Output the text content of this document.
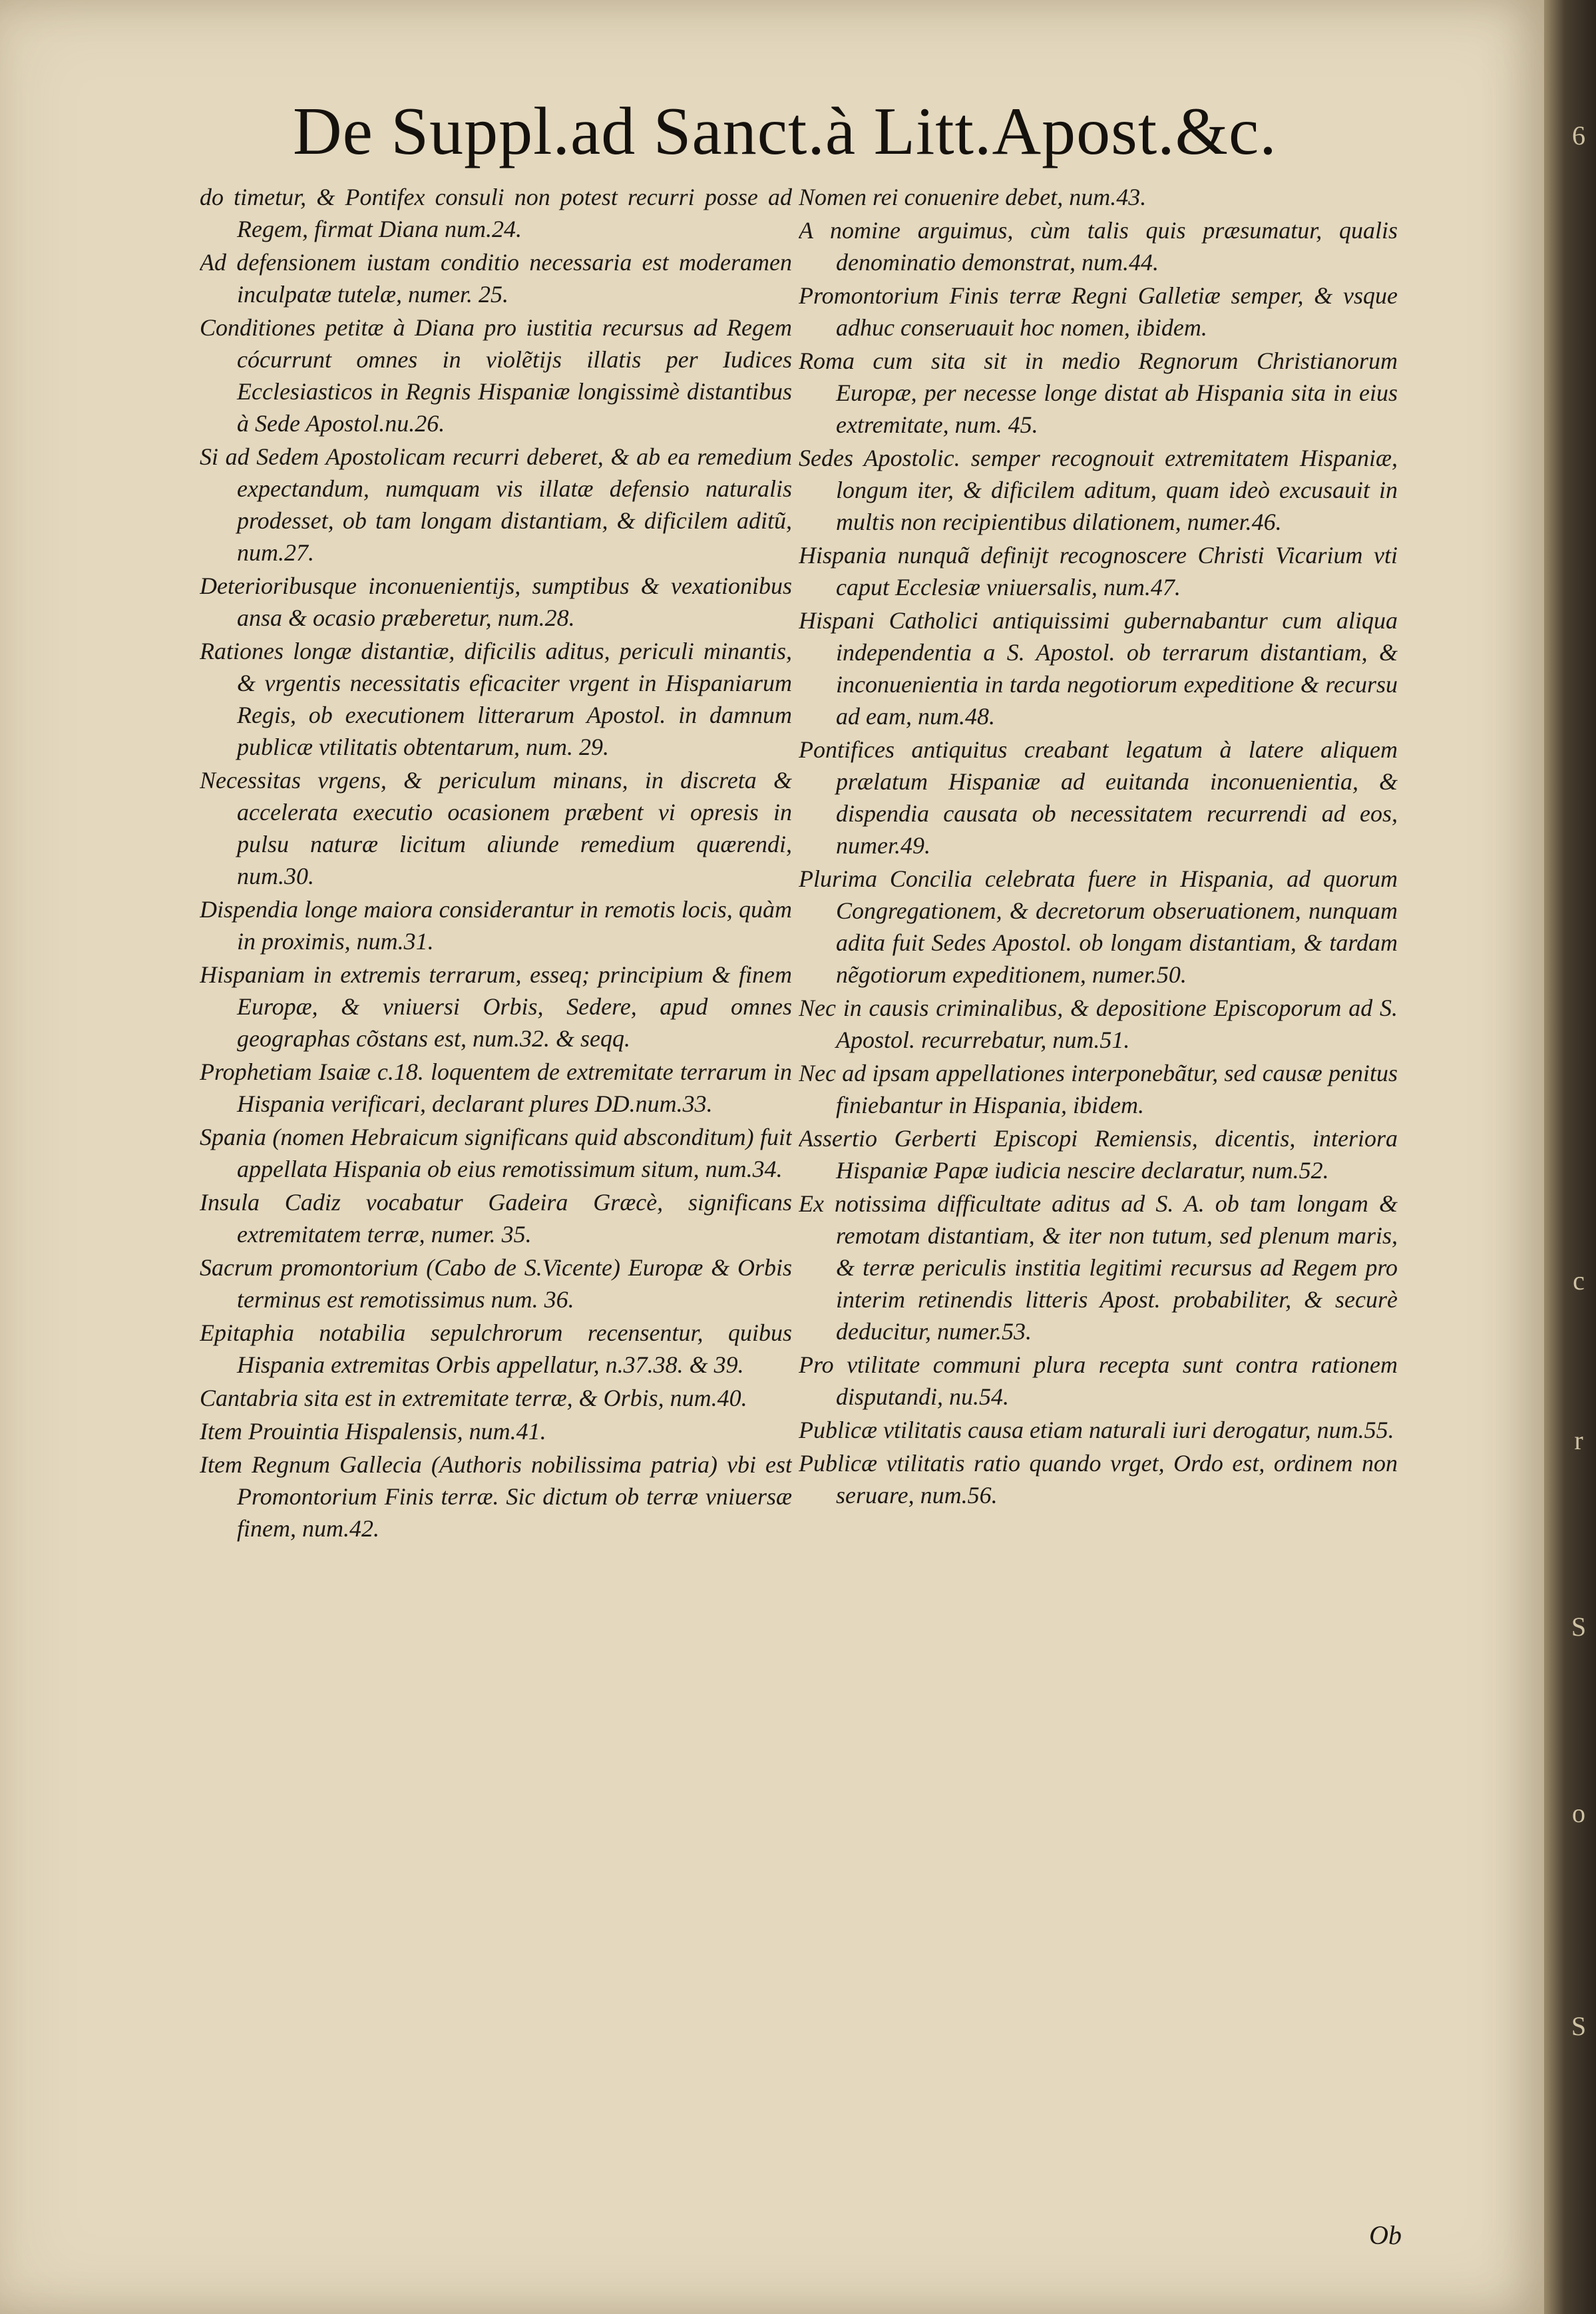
De Suppl.ad Sanct.à Litt.Apost.&c.

do timetur, & Pontifex consuli non potest recurri posse ad Regem, firmat Diana num.24.

Ad defensionem iustam conditio necessaria est moderamen inculpatæ tutelæ, numer. 25.

Conditiones petitæ à Diana pro iustitia recursus ad Regem cócurrunt omnes in violẽtijs illatis per Iudices Ecclesiasticos in Regnis Hispaniæ longissimè distantibus à Sede Apostol.nu.26.

Si ad Sedem Apostolicam recurri deberet, & ab ea remedium expectandum, numquam vis illatæ defensio naturalis prodesset, ob tam longam distantiam, & dificilem aditũ, num.27.

Deterioribusque inconuenientijs, sumptibus & vexationibus ansa & ocasio præberetur, num.28.

Rationes longæ distantiæ, dificilis aditus, periculi minantis, & vrgentis necessitatis eficaciter vrgent in Hispaniarum Regis, ob executionem litterarum Apostol. in damnum publicæ vtilitatis obtentarum, num. 29.

Necessitas vrgens, & periculum minans, in discreta & accelerata executio ocasionem præbent vi opresis in pulsu naturæ licitum aliunde remedium quærendi, num.30.

Dispendia longe maiora considerantur in remotis locis, quàm in proximis, num.31.

Hispaniam in extremis terrarum, esseq; principium & finem Europæ, & vniuersi Orbis, Sedere, apud omnes geographas cõstans est, num.32. & seqq.

Prophetiam Isaiæ c.18. loquentem de extremitate terrarum in Hispania verificari, declarant plures DD.num.33.

Spania (nomen Hebraicum significans quid absconditum) fuit appellata Hispania ob eius remotissimum situm, num.34.

Insula Cadiz vocabatur Gadeira Græcè, significans extremitatem terræ, numer. 35.

Sacrum promontorium (Cabo de S.Vicente) Europæ & Orbis terminus est remotissimus num. 36.

Epitaphia notabilia sepulchrorum recensentur, quibus Hispania extremitas Orbis appellatur, n.37.38. & 39.

Cantabria sita est in extremitate terræ, & Orbis, num.40.

Item Prouintia Hispalensis, num.41.

Item Regnum Gallecia (Authoris nobilissima patria) vbi est Promontorium Finis terræ. Sic dictum ob terræ vniuersæ finem, num.42.

Nomen rei conuenire debet, num.43.

A nomine arguimus, cùm talis quis præsumatur, qualis denominatio demonstrat, num.44.

Promontorium Finis terræ Regni Galletiæ semper, & vsque adhuc conseruauit hoc nomen, ibidem.

Roma cum sita sit in medio Regnorum Christianorum Europæ, per necesse longe distat ab Hispania sita in eius extremitate, num. 45.

Sedes Apostolic. semper recognouit extremitatem Hispaniæ, longum iter, & dificilem aditum, quam ideò excusauit in multis non recipientibus dilationem, numer.46.

Hispania nunquã definijt recognoscere Christi Vicarium vti caput Ecclesiæ vniuersalis, num.47.

Hispani Catholici antiquissimi gubernabantur cum aliqua independentia a S. Apostol. ob terrarum distantiam, & inconuenientia in tarda negotiorum expeditione & recursu ad eam, num.48.

Pontifices antiquitus creabant legatum à latere aliquem prælatum Hispaniæ ad euitanda inconuenientia, & dispendia causata ob necessitatem recurrendi ad eos, numer.49.

Plurima Concilia celebrata fuere in Hispania, ad quorum Congregationem, & decretorum obseruationem, nunquam adita fuit Sedes Apostol. ob longam distantiam, & tardam nẽgotiorum expeditionem, numer.50.

Nec in causis criminalibus, & depositione Episcoporum ad S. Apostol. recurrebatur, num.51.

Nec ad ipsam appellationes interponebãtur, sed causæ penitus finiebantur in Hispania, ibidem.

Assertio Gerberti Episcopi Remiensis, dicentis, interiora Hispaniæ Papæ iudicia nescire declaratur, num.52.

Ex notissima difficultate aditus ad S. A. ob tam longam & remotam distantiam, & iter non tutum, sed plenum maris, & terræ periculis institia legitimi recursus ad Regem pro interim retinendis litteris Apost. probabiliter, & securè deducitur, numer.53.

Pro vtilitate communi plura recepta sunt contra rationem disputandi, nu.54.

Publicæ vtilitatis causa etiam naturali iuri derogatur, num.55.

Publicæ vtilitatis ratio quando vrget, Ordo est, ordinem non seruare, num.56.

Ob
6
c
r
S
o
S
